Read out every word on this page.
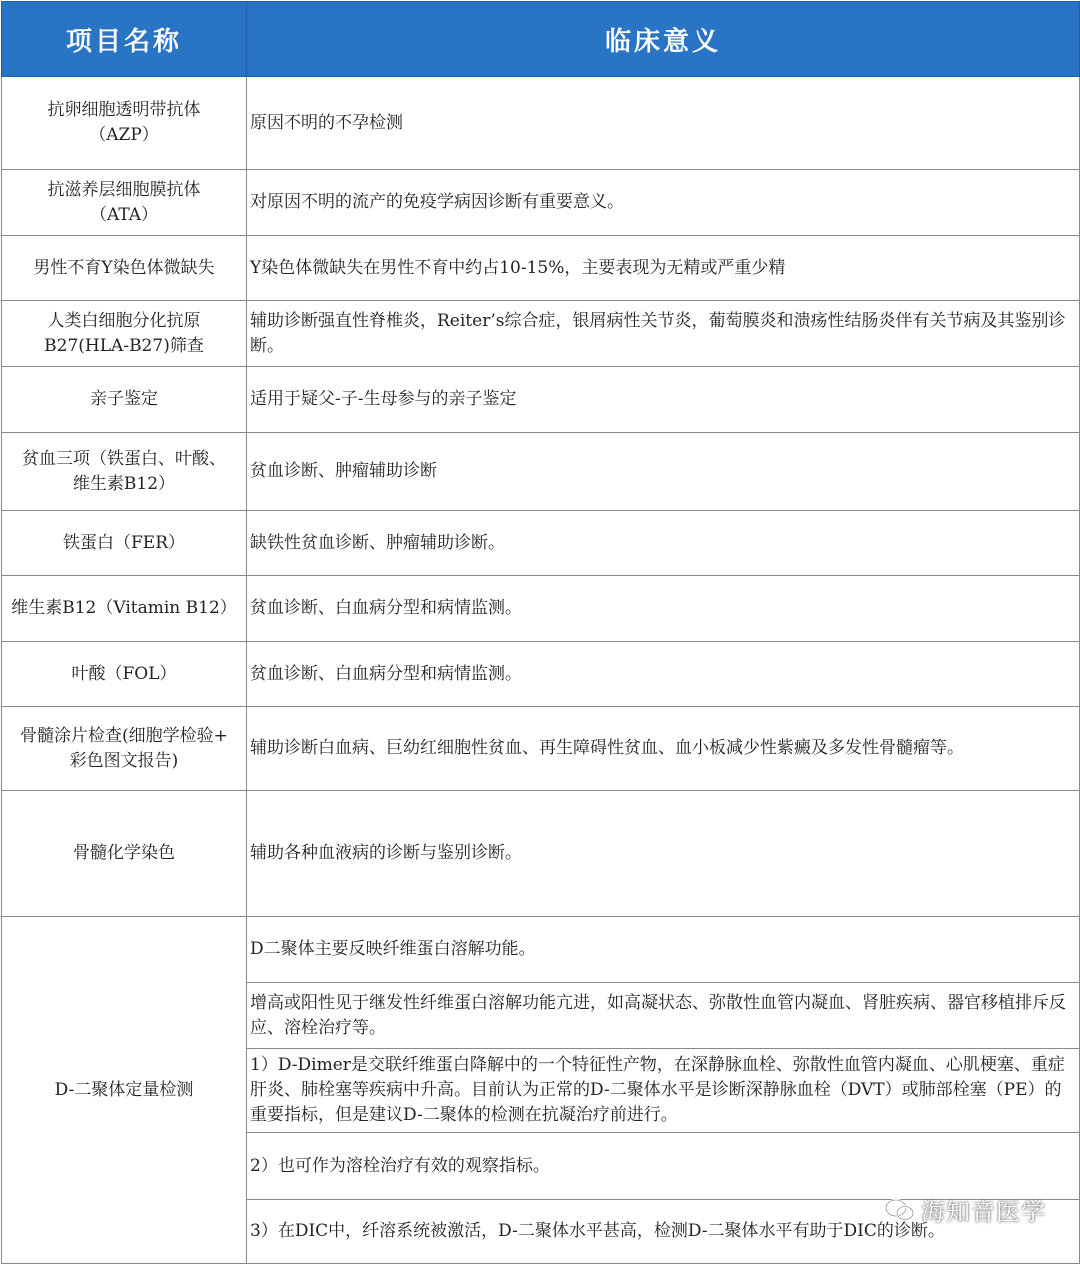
项目名称	临床意义

抗卵细胞透明带抗体
（AZP）	原因不明的不孕检测

抗滋养层细胞膜抗体
（ATA）	对原因不明的流产的免疫学病因诊断有重要意义。

男性不育Y染色体微缺失	Y染色体微缺失在男性不育中约占10-15%，主要表现为无精或严重少精

人类白细胞分化抗原
B27(HLA-B27)筛查	辅助诊断强直性脊椎炎，Reiter’s综合症，银屑病性关节炎，葡萄膜炎和溃疡性结肠炎伴有关节病及其鉴别诊断。

亲子鉴定	适用于疑父-子-生母参与的亲子鉴定

贫血三项（铁蛋白、叶酸、
维生素B12）	贫血诊断、肿瘤辅助诊断

铁蛋白（FER）	缺铁性贫血诊断、肿瘤辅助诊断。

维生素B12（Vitamin B12）	贫血诊断、白血病分型和病情监测。

叶酸（FOL）	贫血诊断、白血病分型和病情监测。

骨髓涂片检查(细胞学检验+
彩色图文报告)	辅助诊断白血病、巨幼红细胞性贫血、再生障碍性贫血、血小板减少性紫癜及多发性骨髓瘤等。

骨髓化学染色	辅助各种血液病的诊断与鉴别诊断。
D-二聚体定量检测	D二聚体主要反映纤维蛋白溶解功能。
	增高或阳性见于继发性纤维蛋白溶解功能亢进，如高凝状态、弥散性血管内凝血、肾脏疾病、器官移植排斥反应、溶栓治疗等。
	1）D-Dimer是交联纤维蛋白降解中的一个特征性产物，在深静脉血栓、弥散性血管内凝血、心肌梗塞、重症肝炎、肺栓塞等疾病中升高。目前认为正常的D-二聚体水平是诊断深静脉血栓（DVT）或肺部栓塞（PE）的重要指标，但是建议D-二聚体的检测在抗凝治疗前进行。
	2）也可作为溶栓治疗有效的观察指标。
	3）在DIC中，纤溶系统被激活，D-二聚体水平甚高，检测D-二聚体水平有助于DIC的诊断。
海知音医学
